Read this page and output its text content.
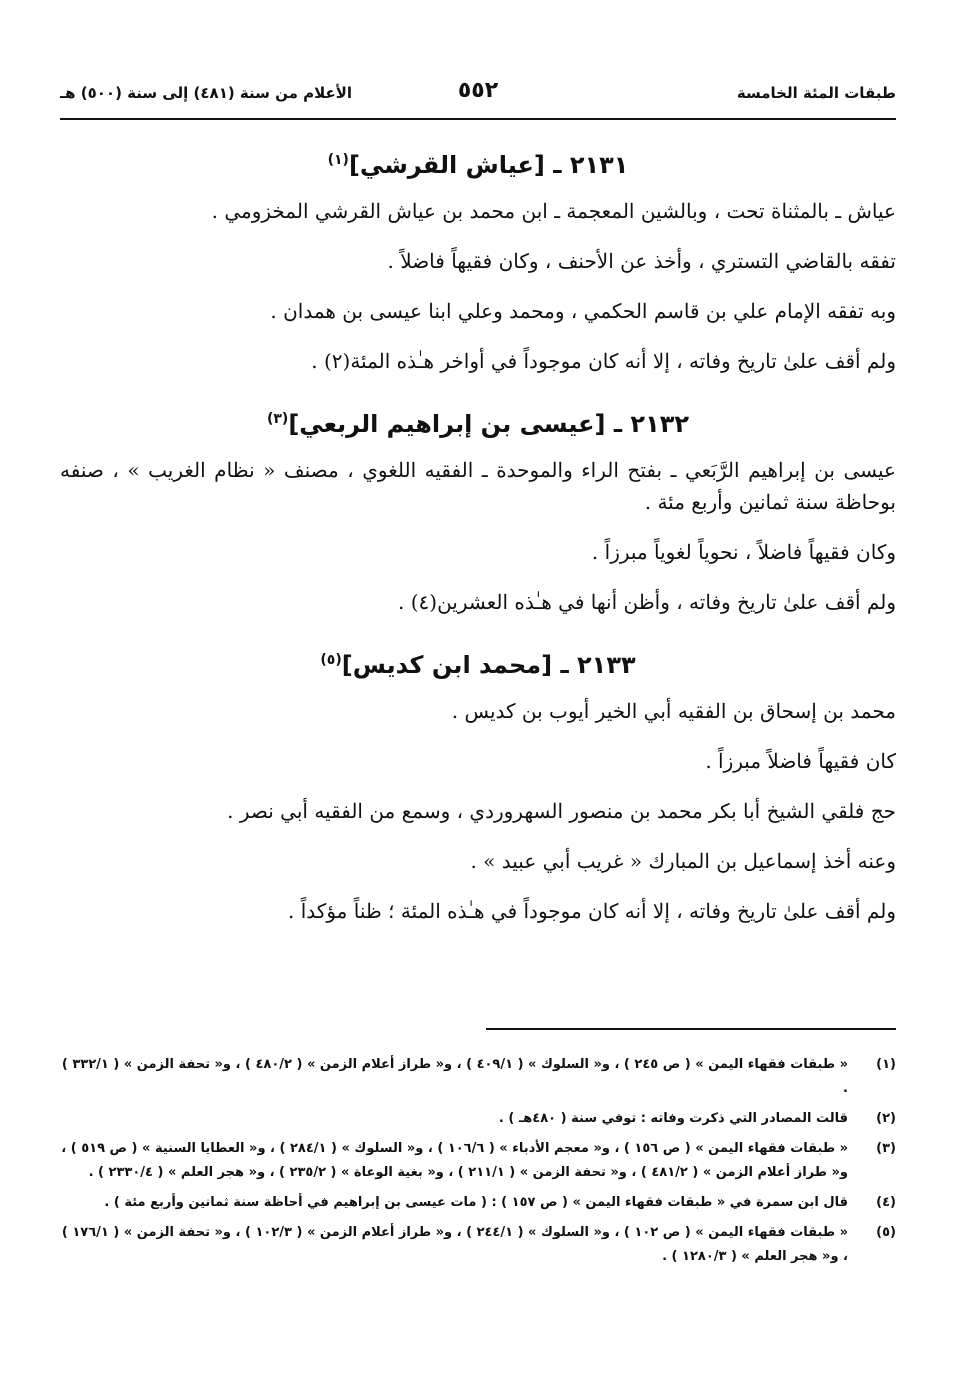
طبقات المئة الخامسة
٥٥٢
الأعلام من سنة (٤٨١) إلى سنة (٥٠٠) هـ
٢١٣١ ـ [عياش القرشي]$^{(١)}$

عياش ـ بالمثناة تحت ، وبالشين المعجمة ـ ابن محمد بن عياش القرشي المخزومي .

تفقه بالقاضي التستري ، وأخذ عن الأحنف ، وكان فقيهاً فاضلاً .

وبه تفقه الإمام علي بن قاسم الحكمي ، ومحمد وعلي ابنا عيسى بن همدان .

ولم أقف علىٰ تاريخ وفاته ، إلا أنه كان موجوداً في أواخر هـٰذه المئة(٢) .

٢١٣٢ ـ [عيسى بن إبراهيم الربعي]$^{(٣)}$

عيسى بن إبراهيم الرَّبَعي ـ بفتح الراء والموحدة ـ الفقيه اللغوي ، مصنف « نظام الغريب » ، صنفه بوحاظة سنة ثمانين وأربع مئة .

وكان فقيهاً فاضلاً ، نحوياً لغوياً مبرزاً .

ولم أقف علىٰ تاريخ وفاته ، وأظن أنها في هـٰذه العشرين(٤) .

٢١٣٣ ـ [محمد ابن كديس]$^{(٥)}$

محمد بن إسحاق بن الفقيه أبي الخير أيوب بن كديس .

كان فقيهاً فاضلاً مبرزاً .

حج فلقي الشيخ أبا بكر محمد بن منصور السهروردي ، وسمع من الفقيه أبي نصر .

وعنه أخذ إسماعيل بن المبارك « غريب أبي عبيد » .

ولم أقف علىٰ تاريخ وفاته ، إلا أنه كان موجوداً في هـٰذه المئة ؛ ظناً مؤكداً .

(١)
« طبقات فقهاء اليمن » ( ص ٢٤٥ ) ، و« السلوك » ( ٤٠٩/١ ) ، و« طراز أعلام الزمن » ( ٤٨٠/٢ ) ، و« تحفة الزمن » ( ٣٣٢/١ ) .
(٢)
قالت المصادر التي ذكرت وفاته : توفي سنة ( ٤٨٠هـ ) .
(٣)
« طبقات فقهاء اليمن » ( ص ١٥٦ ) ، و« معجم الأدباء » ( ١٠٦/٦ ) ، و« السلوك » ( ٢٨٤/١ ) ، و« العطايا السنية » ( ص ٥١٩ ) ، و« طراز أعلام الزمن » ( ٤٨١/٢ ) ، و« تحفة الزمن » ( ٢١١/١ ) ، و« بغية الوعاة » ( ٢٣٥/٢ ) ، و« هجر العلم » ( ٢٣٣٠/٤ ) .
(٤)
قال ابن سمرة في « طبقات فقهاء اليمن » ( ص ١٥٧ ) : ( مات عيسى بن إبراهيم في أحاظة سنة ثمانين وأربع مئة ) .
(٥)
« طبقات فقهاء اليمن » ( ص ١٠٢ ) ، و« السلوك » ( ٢٤٤/١ ) ، و« طراز أعلام الزمن » ( ١٠٢/٣ ) ، و« تحفة الزمن » ( ١٧٦/١ ) ، و« هجر العلم » ( ١٢٨٠/٣ ) .
